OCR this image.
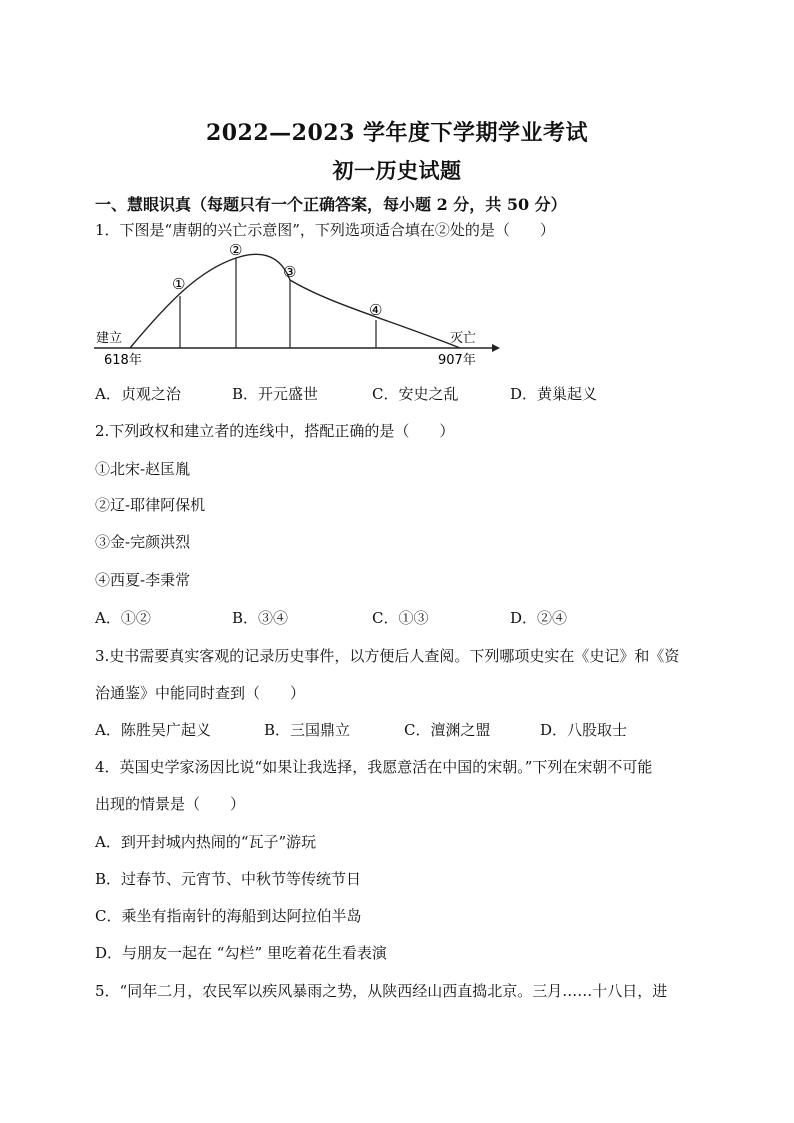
2022—2023 学年度下学期学业考试
初一历史试题
一、慧眼识真（每题只有一个正确答案，每小题 2 分，共 50 分）
1．下图是“唐朝的兴亡示意图”，下列选项适合填在②处的是（　　）
①
②
③
④
建立
618年
灭亡
907年
A．贞观之治	B．开元盛世	C．安史之乱	D．黄巢起义
2.下列政权和建立者的连线中，搭配正确的是（　　）
①北宋-赵匡胤
②辽-耶律阿保机
③金-完颜洪烈
④西夏-李秉常
A．①②	B．③④	C．①③	D．②④
3.史书需要真实客观的记录历史事件，以方便后人查阅。下列哪项史实在《史记》和《资
治通鉴》中能同时查到（　　）
A．陈胜吴广起义	B．三国鼎立	C．澶渊之盟	D．八股取士
4．英国史学家汤因比说“如果让我选择，我愿意活在中国的宋朝。”下列在宋朝不可能
出现的情景是（　　）
A．到开封城内热闹的“瓦子”游玩
B．过春节、元宵节、中秋节等传统节日
C．乘坐有指南针的海船到达阿拉伯半岛
D．与朋友一起在 “勾栏” 里吃着花生看表演
5．“同年二月，农民军以疾风暴雨之势，从陕西经山西直捣北京。三月……十八日，进
